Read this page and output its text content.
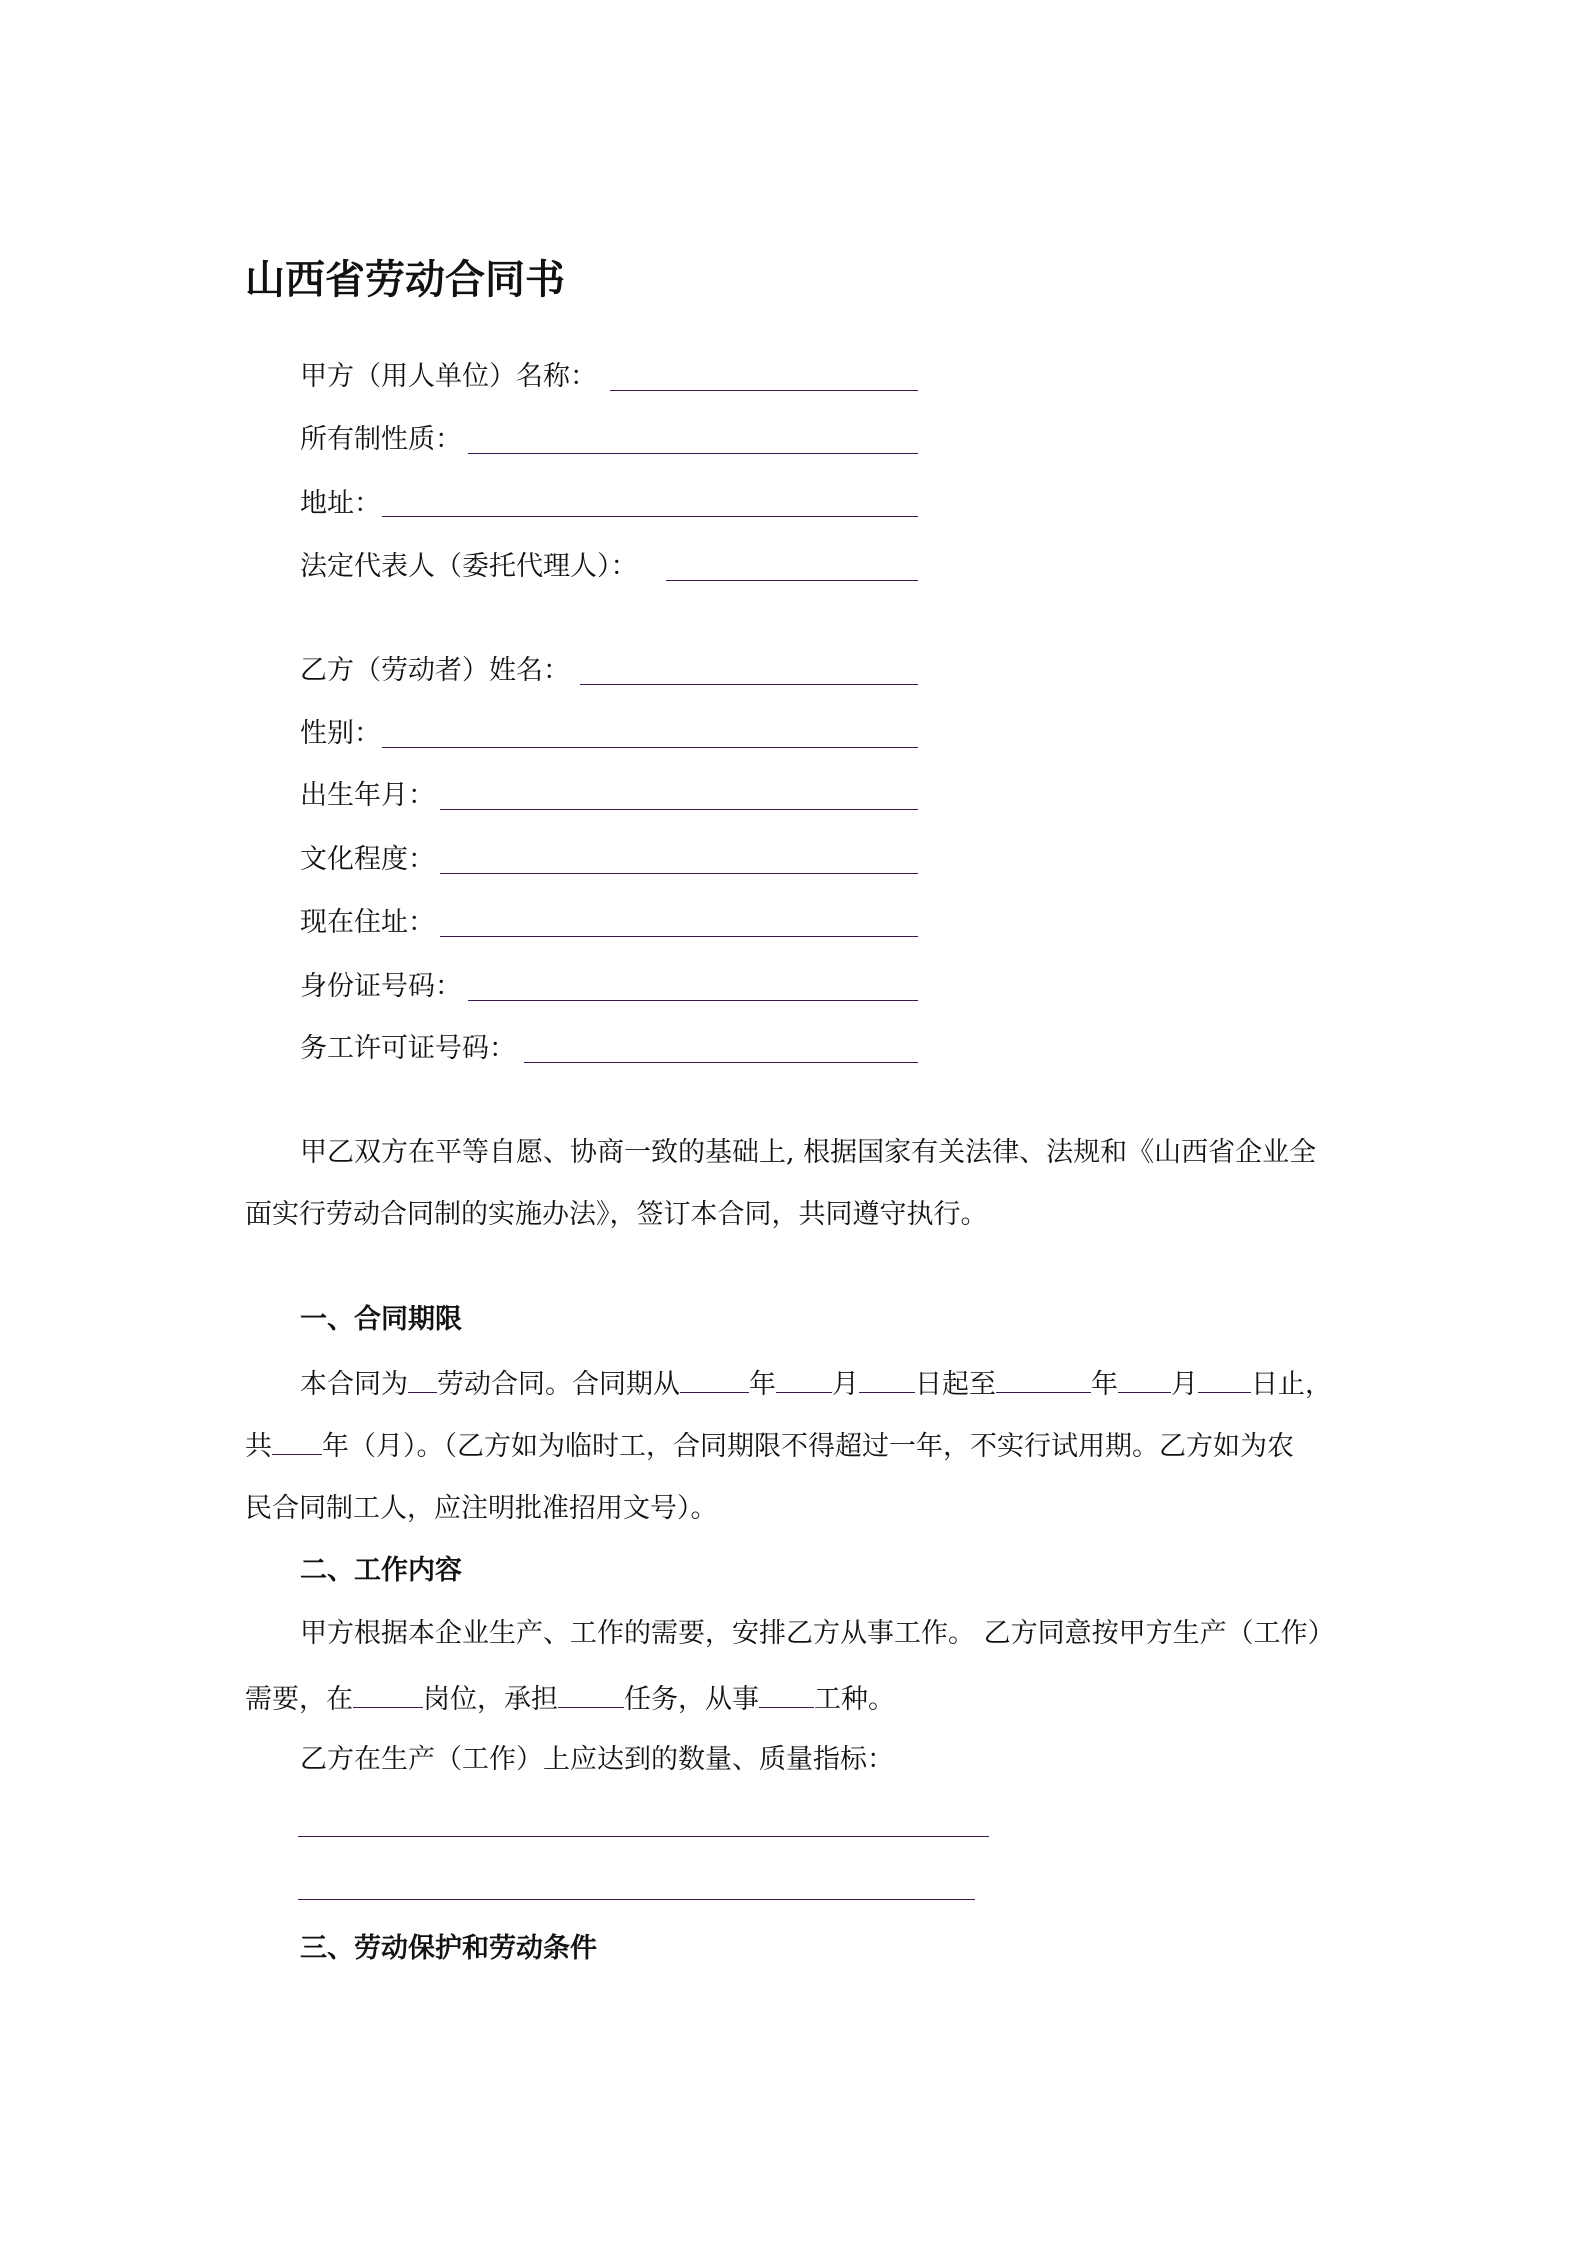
山西省劳动合同书
甲方（用人单位）名称：
所有制性质：
地址：
法定代表人（委托代理人）：
乙方（劳动者）姓名：
性别：
出生年月：
文化程度：
现在住址：
身份证号码：
务工许可证号码：
甲乙双方在平等自愿、协商一致的基础上, 根据国家有关法律、法规和《山西省企业全
面实行劳动合同制的实施办法》，签订本合同，共同遵守执行。
一、合同期限
本合同为 劳动合同。合同期从	年 月 日起至	年 月 日止，
共 年（月）。（乙方如为临时工，合同期限不得超过一年，不实行试用期。乙方如为农
民合同制工人，应注明批准招用文号）。
二、工作内容
甲方根据本企业生产、工作的需要，安排乙方从事工作。 乙方同意按甲方生产（工作）
需要，在	岗位，承担 任务，从事 工种。
乙方在生产（工作）上应达到的数量、质量指标：
三、劳动保护和劳动条件
